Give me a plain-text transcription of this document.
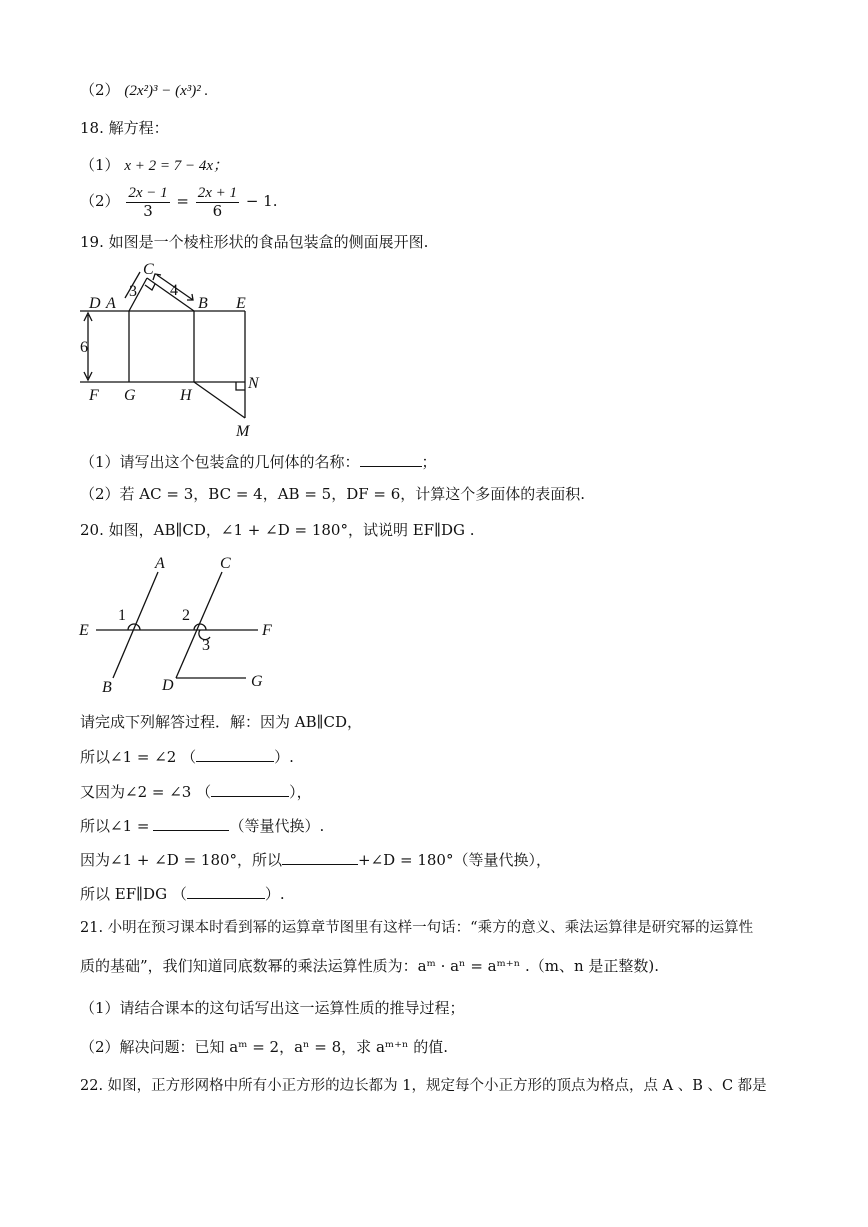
（2） (2x²)³ − (x³)² .
18. 解方程：
（1） x + 2 = 7 − 4x；
$(2) \frac{2x - 1}{3} = \frac{2x + 1}{6} - 1$.
19. 如图是一个棱柱形状的食品包装盒的侧面展开图.
C
A
D	B E
F G	H
N
M
3 4
6
（1）请写出这个包装盒的几何体的名称：	；
（2）若 AC = 3，BC = 4，AB = 5，DF = 6，计算这个多面体的表面积.
20. 如图，AB∥CD，∠1 + ∠D = 180°，试说明 EF∥DG .
A	C
E	F
B	D	G
1	2
3
请完成下列解答过程．解：因为 AB∥CD，
所以∠1 = ∠2 （	）.
又因为∠2 = ∠3 （	），
所以∠1 =	（等量代换）.
因为∠1 + ∠D = 180°，所以	+∠D = 180°（等量代换），
所以 EF∥DG （	）.
21. 小明在预习课本时看到幂的运算章节图里有这样一句话：“乘方的意义、乘法运算律是研究幂的运算性
质的基础”，我们知道同底数幂的乘法运算性质为：aᵐ · aⁿ = aᵐ⁺ⁿ .（m、n 是正整数).
（1）请结合课本的这句话写出这一运算性质的推导过程；
（2）解决问题：已知 aᵐ = 2，aⁿ = 8，求 aᵐ⁺ⁿ 的值.
22. 如图，正方形网格中所有小正方形的边长都为 1，规定每个小正方形的顶点为格点，点 A 、B 、C 都是
